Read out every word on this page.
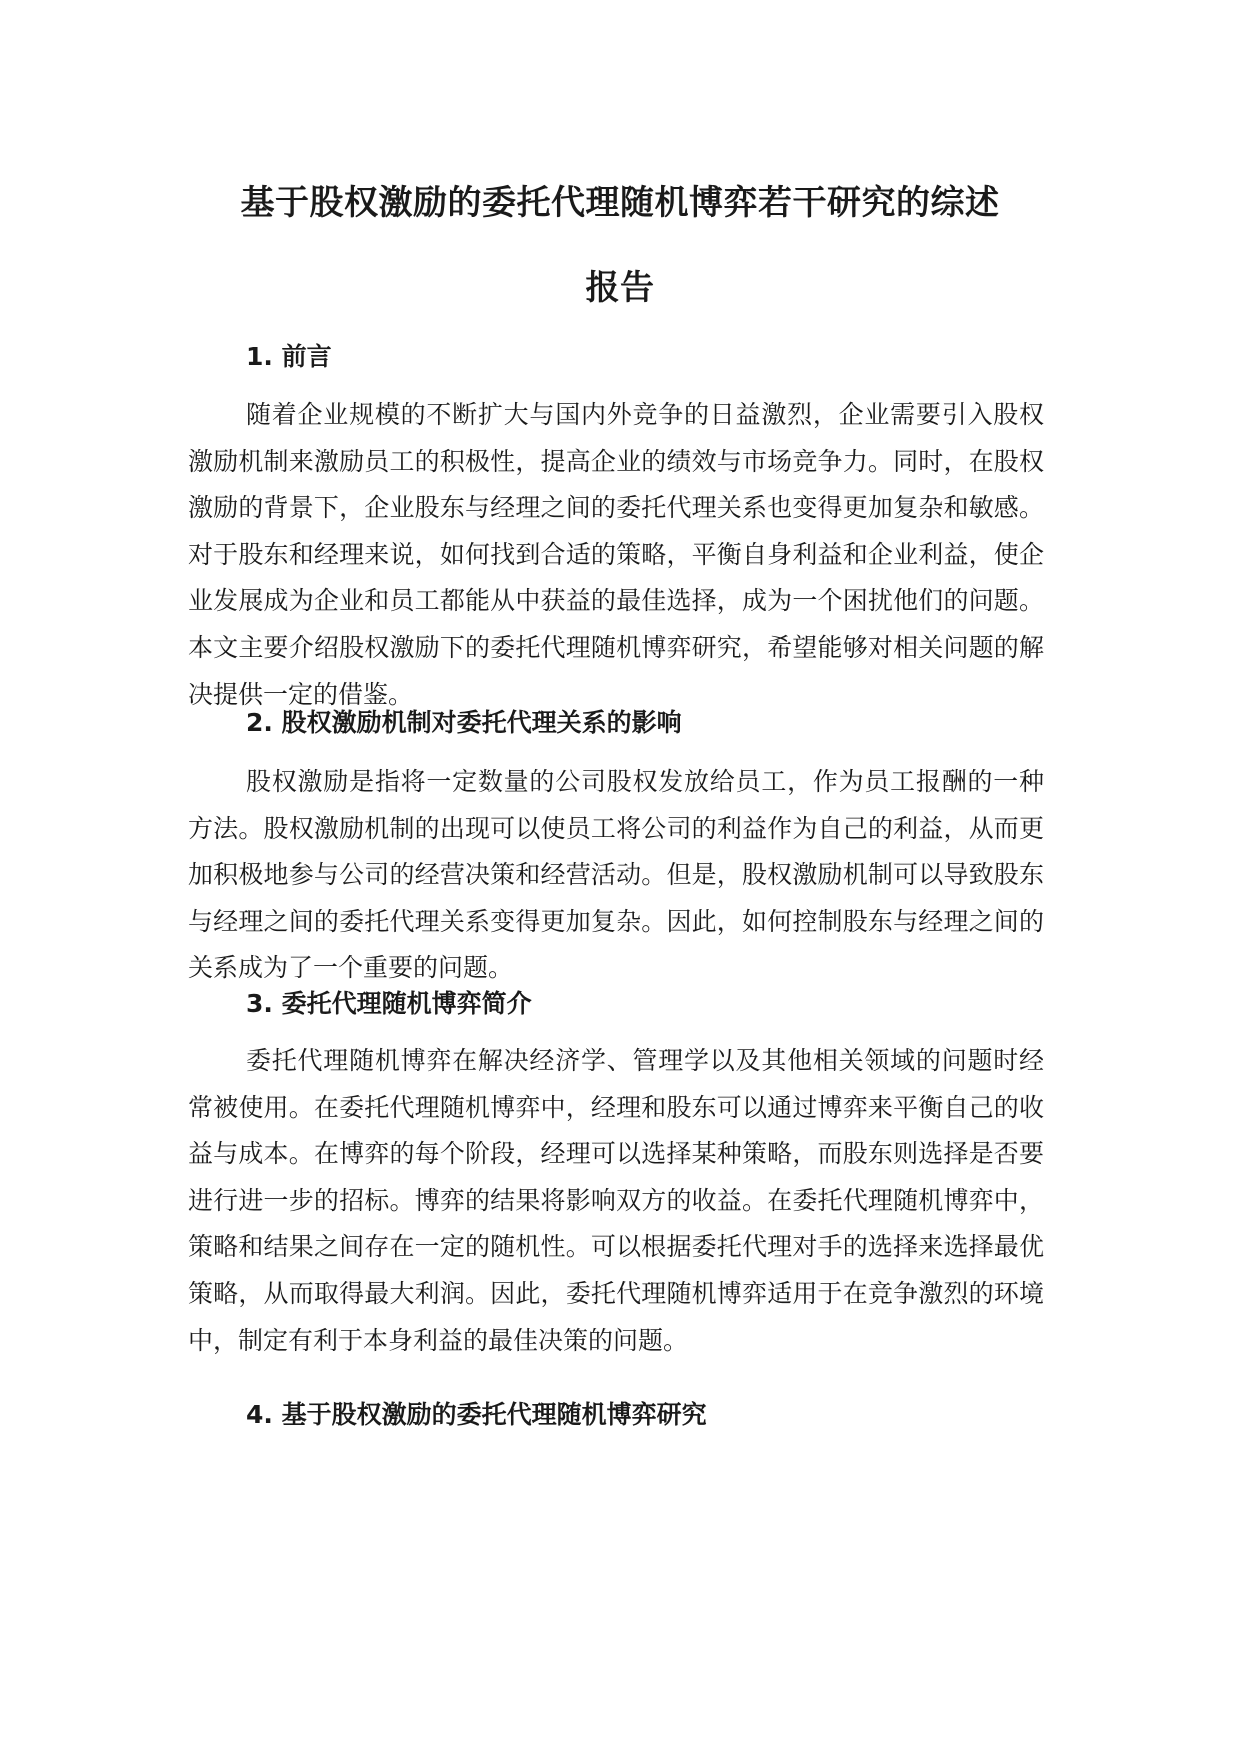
基于股权激励的委托代理随机博弈若干研究的综述
报告
1. 前言

随着企业规模的不断扩大与国内外竞争的日益激烈，企业需要引入股权激励机制来激励员工的积极性，提高企业的绩效与市场竞争力。同时，在股权激励的背景下，企业股东与经理之间的委托代理关系也变得更加复杂和敏感。对于股东和经理来说，如何找到合适的策略，平衡自身利益和企业利益，使企业发展成为企业和员工都能从中获益的最佳选择，成为一个困扰他们的问题。本文主要介绍股权激励下的委托代理随机博弈研究，希望能够对相关问题的解决提供一定的借鉴。

2. 股权激励机制对委托代理关系的影响

股权激励是指将一定数量的公司股权发放给员工，作为员工报酬的一种方法。股权激励机制的出现可以使员工将公司的利益作为自己的利益，从而更加积极地参与公司的经营决策和经营活动。但是，股权激励机制可以导致股东与经理之间的委托代理关系变得更加复杂。因此，如何控制股东与经理之间的关系成为了一个重要的问题。

3. 委托代理随机博弈简介

委托代理随机博弈在解决经济学、管理学以及其他相关领域的问题时经常被使用。在委托代理随机博弈中，经理和股东可以通过博弈来平衡自己的收益与成本。在博弈的每个阶段，经理可以选择某种策略，而股东则选择是否要进行进一步的招标。博弈的结果将影响双方的收益。在委托代理随机博弈中，策略和结果之间存在一定的随机性。可以根据委托代理对手的选择来选择最优策略，从而取得最大利润。因此，委托代理随机博弈适用于在竞争激烈的环境中，制定有利于本身利益的最佳决策的问题。

4. 基于股权激励的委托代理随机博弈研究
